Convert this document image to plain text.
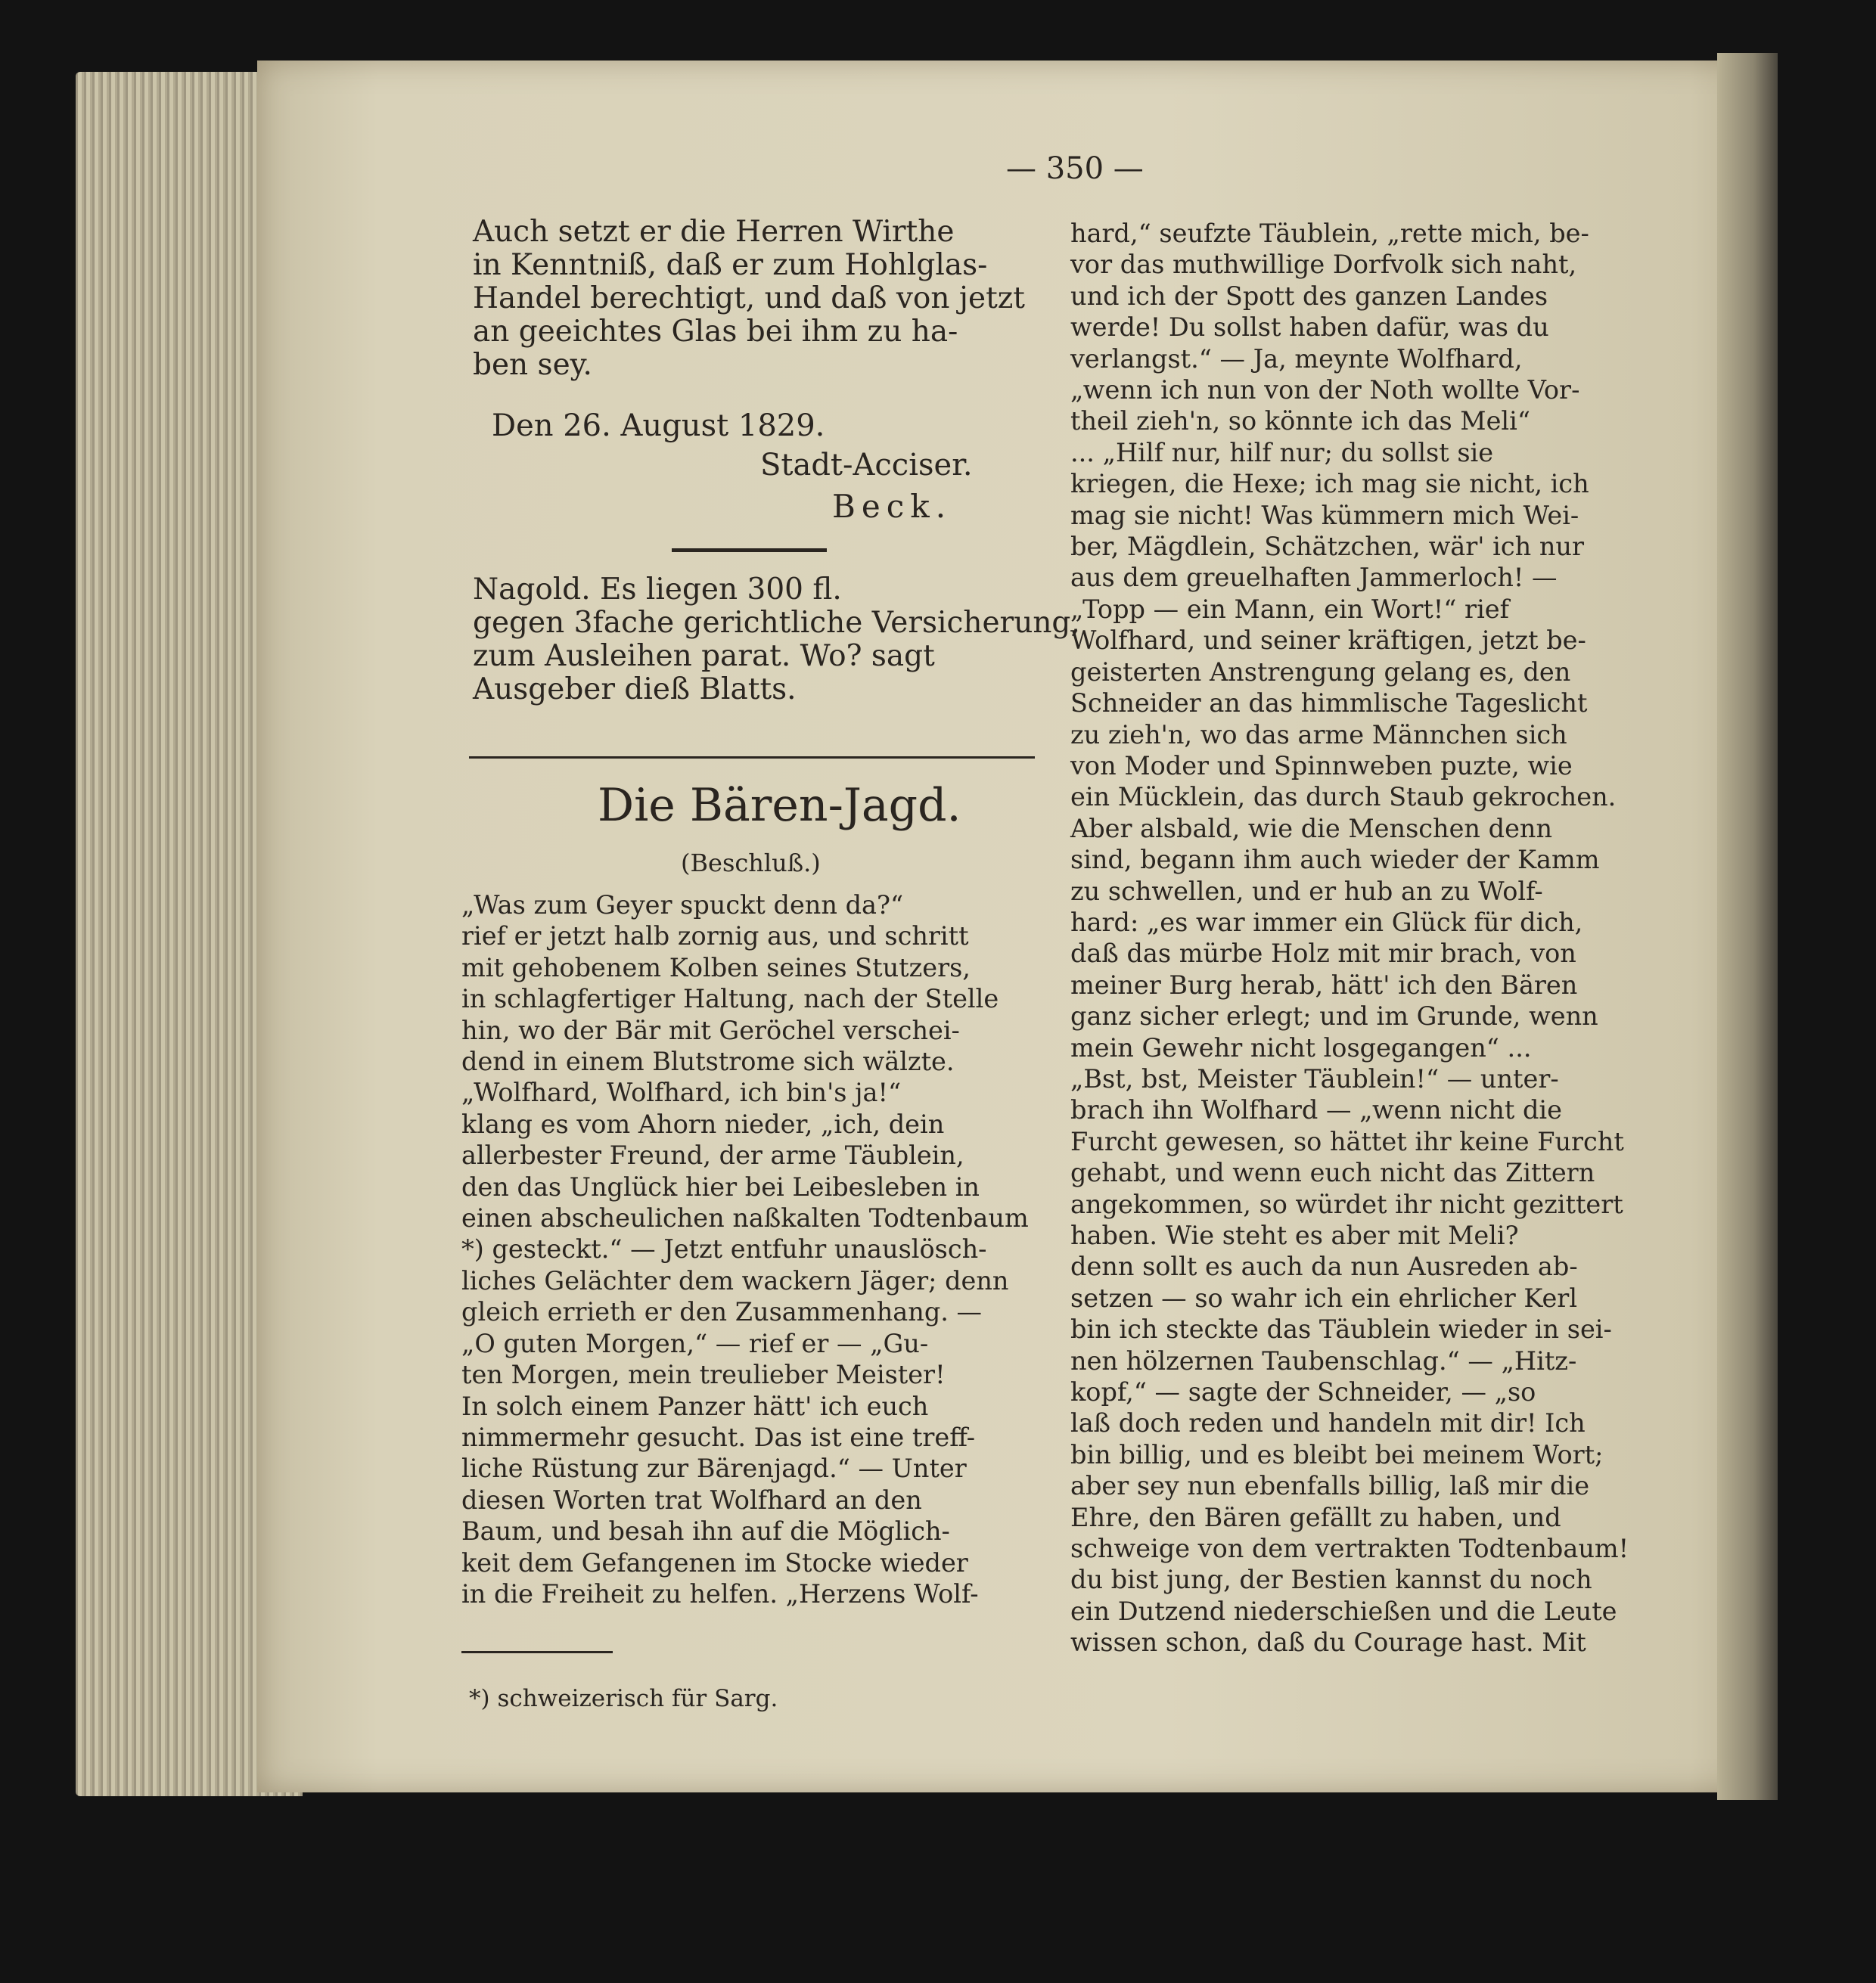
— 350 —
Auch setzt er die Herren Wirthe
in Kenntniß, daß er zum Hohlglas-
Handel berechtigt, und daß von jetzt
an geeichtes Glas bei ihm zu ha-
ben sey.
Den 26. August 1829.
Stadt-Acciser.
Beck.
Nagold. Es liegen 300 fl.
gegen 3fache gerichtliche Versicherung,
zum Ausleihen parat. Wo? sagt
Ausgeber dieß Blatts.
Die Bären-Jagd.
(Beschluß.)
„Was zum Geyer spuckt denn da?“
rief er jetzt halb zornig aus, und schritt
mit gehobenem Kolben seines Stutzers,
in schlagfertiger Haltung, nach der Stelle
hin, wo der Bär mit Geröchel verschei-
dend in einem Blutstrome sich wälzte.
„Wolfhard, Wolfhard, ich bin's ja!“
klang es vom Ahorn nieder, „ich, dein
allerbester Freund, der arme Täublein,
den das Unglück hier bei Leibesleben in
einen abscheulichen naßkalten Todtenbaum
*) gesteckt.“ — Jetzt entfuhr unauslösch-
liches Gelächter dem wackern Jäger; denn
gleich errieth er den Zusammenhang. —
„O guten Morgen,“ — rief er — „Gu-
ten Morgen, mein treulieber Meister!
In solch einem Panzer hätt' ich euch
nimmermehr gesucht. Das ist eine treff-
liche Rüstung zur Bärenjagd.“ — Unter
diesen Worten trat Wolfhard an den
Baum, und besah ihn auf die Möglich-
keit dem Gefangenen im Stocke wieder
in die Freiheit zu helfen. „Herzens Wolf-
*) schweizerisch für Sarg.
hard,“ seufzte Täublein, „rette mich, be-
vor das muthwillige Dorfvolk sich naht,
und ich der Spott des ganzen Landes
werde! Du sollst haben dafür, was du
verlangst.“ — Ja, meynte Wolfhard,
„wenn ich nun von der Noth wollte Vor-
theil zieh'n, so könnte ich das Meli“
... „Hilf nur, hilf nur; du sollst sie
kriegen, die Hexe; ich mag sie nicht, ich
mag sie nicht! Was kümmern mich Wei-
ber, Mägdlein, Schätzchen, wär' ich nur
aus dem greuelhaften Jammerloch! —
„Topp — ein Mann, ein Wort!“ rief
Wolfhard, und seiner kräftigen, jetzt be-
geisterten Anstrengung gelang es, den
Schneider an das himmlische Tageslicht
zu zieh'n, wo das arme Männchen sich
von Moder und Spinnweben puzte, wie
ein Mücklein, das durch Staub gekrochen.
Aber alsbald, wie die Menschen denn
sind, begann ihm auch wieder der Kamm
zu schwellen, und er hub an zu Wolf-
hard: „es war immer ein Glück für dich,
daß das mürbe Holz mit mir brach, von
meiner Burg herab, hätt' ich den Bären
ganz sicher erlegt; und im Grunde, wenn
mein Gewehr nicht losgegangen“ ...
„Bst, bst, Meister Täublein!“ — unter-
brach ihn Wolfhard — „wenn nicht die
Furcht gewesen, so hättet ihr keine Furcht
gehabt, und wenn euch nicht das Zittern
angekommen, so würdet ihr nicht gezittert
haben. Wie steht es aber mit Meli?
denn sollt es auch da nun Ausreden ab-
setzen — so wahr ich ein ehrlicher Kerl
bin ich steckte das Täublein wieder in sei-
nen hölzernen Taubenschlag.“ — „Hitz-
kopf,“ — sagte der Schneider, — „so
laß doch reden und handeln mit dir! Ich
bin billig, und es bleibt bei meinem Wort;
aber sey nun ebenfalls billig, laß mir die
Ehre, den Bären gefällt zu haben, und
schweige von dem vertrakten Todtenbaum!
du bist jung, der Bestien kannst du noch
ein Dutzend niederschießen und die Leute
wissen schon, daß du Courage hast. Mit
